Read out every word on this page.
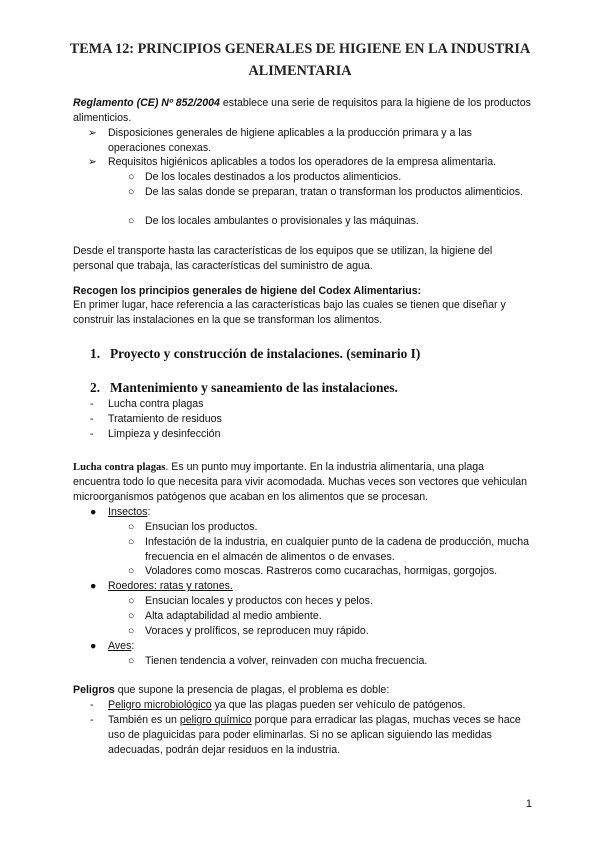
TEMA 12: PRINCIPIOS GENERALES DE HIGIENE EN LA INDUSTRIA ALIMENTARIA
Reglamento (CE) Nº 852/2004 establece una serie de requisitos para la higiene de los productos alimenticios.
➢ Disposiciones generales de higiene aplicables a la producción primara y a las operaciones conexas.
➢ Requisitos higiénicos aplicables a todos los operadores de la empresa alimentaria.
○ De los locales destinados a los productos alimenticios.
○ De las salas donde se preparan, tratan o transforman los productos alimenticios.
○ De los locales ambulantes o provisionales y las máquinas.
Desde el transporte hasta las características de los equipos que se utilizan, la higiene del personal que trabaja, las características del suministro de agua.
Recogen los principios generales de higiene del Codex Alimentarius:
En primer lugar, hace referencia a las características bajo las cuales se tienen que diseñar y construir las instalaciones en la que se transforman los alimentos.
1. Proyecto y construcción de instalaciones. (seminario I)
2. Mantenimiento y saneamiento de las instalaciones.
- Lucha contra plagas
- Tratamiento de residuos
- Limpieza y desinfección
Lucha contra plagas. Es un punto muy importante. En la industria alimentaria, una plaga encuentra todo lo que necesita para vivir acomodada. Muchas veces son vectores que vehiculan microorganismos patógenos que acaban en los alimentos que se procesan.
● Insectos:
○ Ensucian los productos.
○ Infestación de la industria, en cualquier punto de la cadena de producción, mucha frecuencia en el almacén de alimentos o de envases.
○ Voladores como moscas. Rastreros como cucarachas, hormigas, gorgojos.
● Roedores: ratas y ratones.
○ Ensucian locales y productos con heces y pelos.
○ Alta adaptabilidad al medio ambiente.
○ Voraces y prolíficos, se reproducen muy rápido.
● Aves:
○ Tienen tendencia a volver, reinvaden con mucha frecuencia.
Peligros que supone la presencia de plagas, el problema es doble:
- Peligro microbiológico ya que las plagas pueden ser vehículo de patógenos.
- También es un peligro químico porque para erradicar las plagas, muchas veces se hace uso de plaguicidas para poder eliminarlas. Si no se aplican siguiendo las medidas adecuadas, podrán dejar residuos en la industria.
1
